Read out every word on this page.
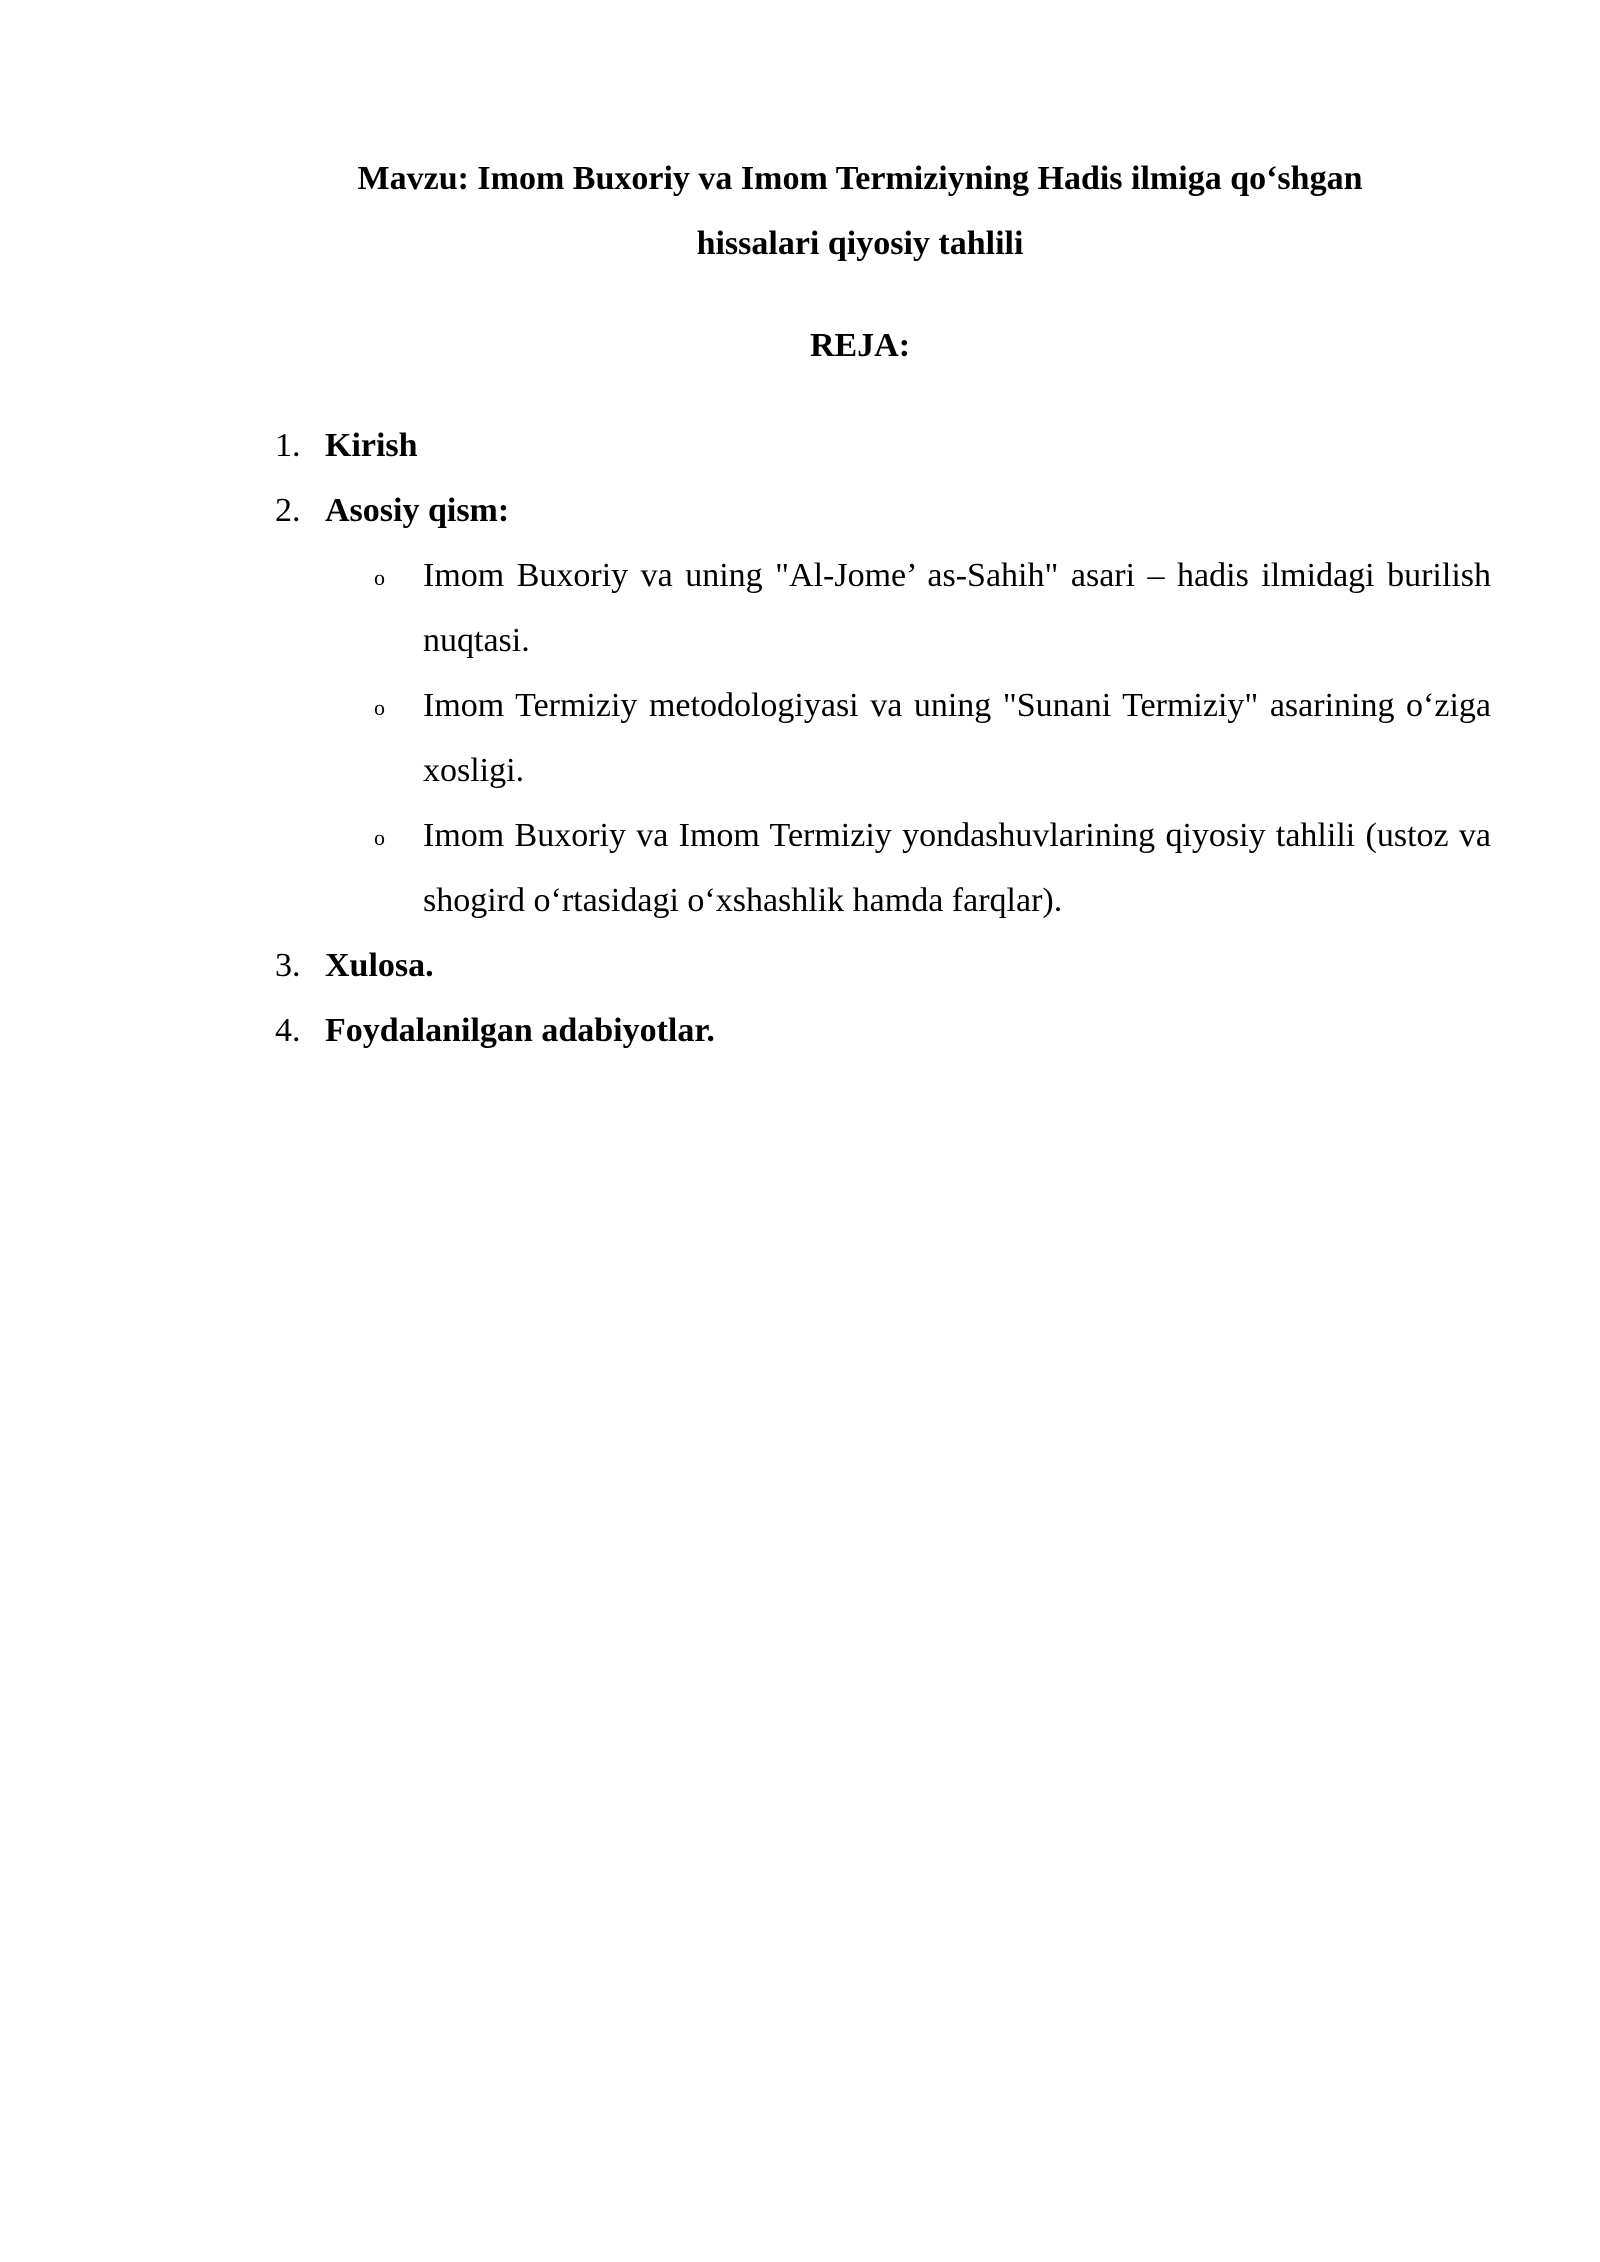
Mavzu: Imom Buxoriy va Imom Termiziyning Hadis ilmiga qo‘shgan
hissalari qiyosiy tahlili
REJA:
1. Kirish
2. Asosiy qism:
o Imom Buxoriy va uning "Al-Jome’ as-Sahih" asari – hadis ilmidagi burilish nuqtasi.
o Imom Termiziy metodologiyasi va uning "Sunani Termiziy" asarining o‘ziga xosligi.
o Imom Buxoriy va Imom Termiziy yondashuvlarining qiyosiy tahlili (ustoz va shogird o‘rtasidagi o‘xshashlik hamda farqlar).
3. Xulosa.
4. Foydalanilgan adabiyotlar.
